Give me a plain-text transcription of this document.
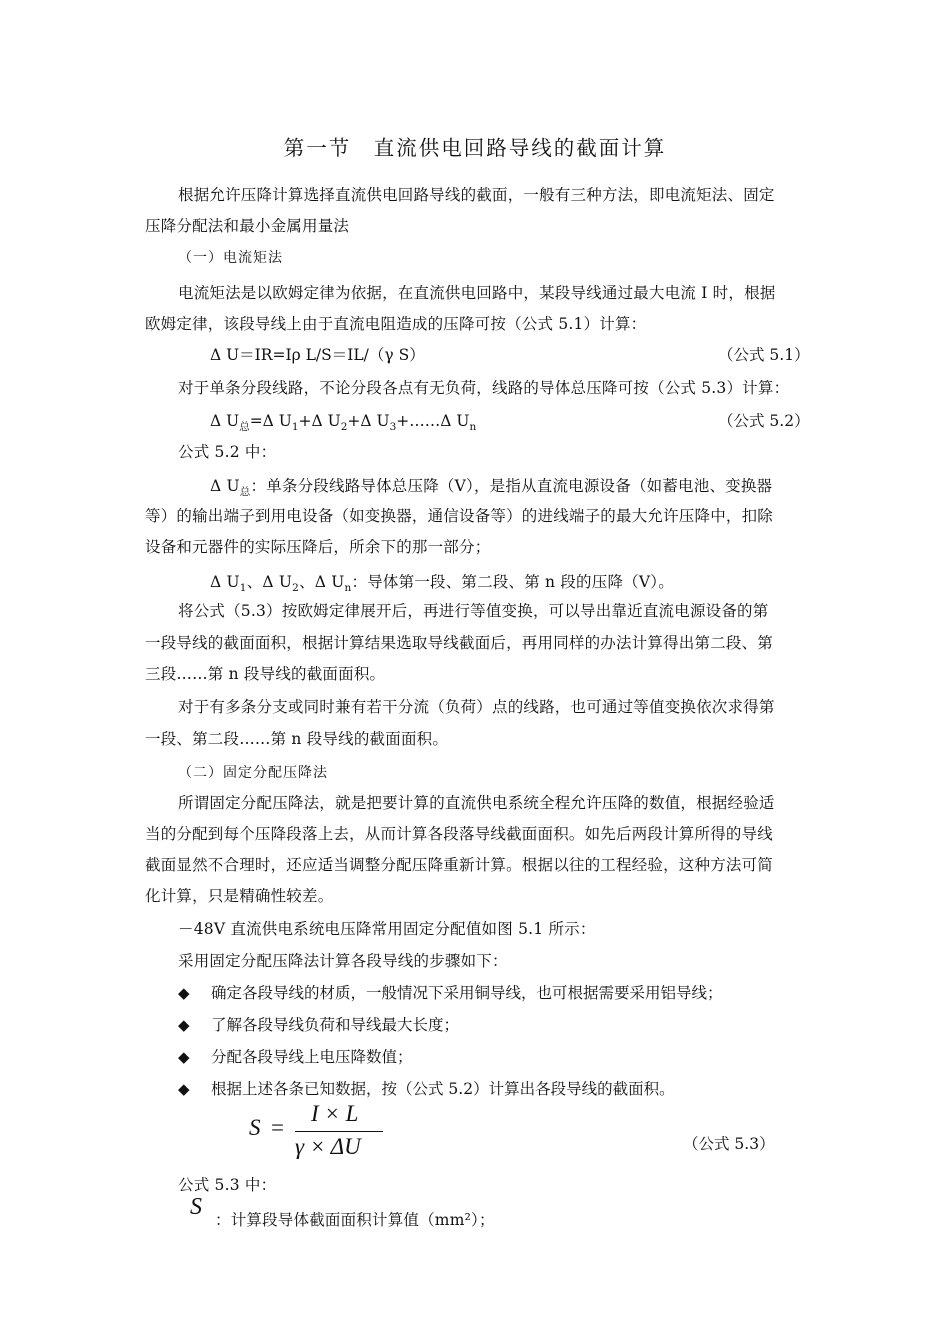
第一节　直流供电回路导线的截面计算
根据允许压降计算选择直流供电回路导线的截面，一般有三种方法，即电流矩法、固定
压降分配法和最小金属用量法
（一）电流矩法
电流矩法是以欧姆定律为依据，在直流供电回路中，某段导线通过最大电流 I 时，根据
欧姆定律，该段导线上由于直流电阻造成的压降可按（公式 5.1）计算：
Δ U＝IR=Iρ L/S＝IL/（γ S）	（公式 5.1）
对于单条分段线路，不论分段各点有无负荷，线路的导体总压降可按（公式 5.3）计算：
Δ $U_总=\Delta$ $U_1+\Delta$ $U_2+\Delta$ $U_3+\dots\dots\Delta$ $U_n$	（公式 5.2）
公式 5.2 中：
Δ $U_总$：单条分段线路导体总压降（V），是指从直流电源设备（如蓄电池、变换器
等）的输出端子到用电设备（如变换器，通信设备等）的进线端子的最大允许压降中，扣除
设备和元器件的实际压降后，所余下的那一部分；
Δ $U_1$、Δ $U_2$、Δ $U_n$：导体第一段、第二段、第 n 段的压降（V）。
将公式（5.3）按欧姆定律展开后，再进行等值变换，可以导出靠近直流电源设备的第
一段导线的截面面积，根据计算结果选取导线截面后，再用同样的办法计算得出第二段、第
三段……第 n 段导线的截面面积。
对于有多条分支或同时兼有若干分流（负荷）点的线路，也可通过等值变换依次求得第
一段、第二段……第 n 段导线的截面面积。
（二）固定分配压降法
所谓固定分配压降法，就是把要计算的直流供电系统全程允许压降的数值，根据经验适
当的分配到每个压降段落上去，从而计算各段落导线截面面积。如先后两段计算所得的导线
截面显然不合理时，还应适当调整分配压降重新计算。根据以往的工程经验，这种方法可简
化计算，只是精确性较差。
－48V 直流供电系统电压降常用固定分配值如图 5.1 所示：
采用固定分配压降法计算各段导线的步骤如下：
◆ 确定各段导线的材质，一般情况下采用铜导线，也可根据需要采用铝导线；
◆ 了解各段导线负荷和导线最大长度；
◆ 分配各段导线上电压降数值；
◆ 根据上述各条已知数据，按（公式 5.2）计算出各段导线的截面积。
S =
I × L
γ × ΔU	（公式 5.3）
公式 5.3 中：
S ：计算段导体截面面积计算值（mm²）；
